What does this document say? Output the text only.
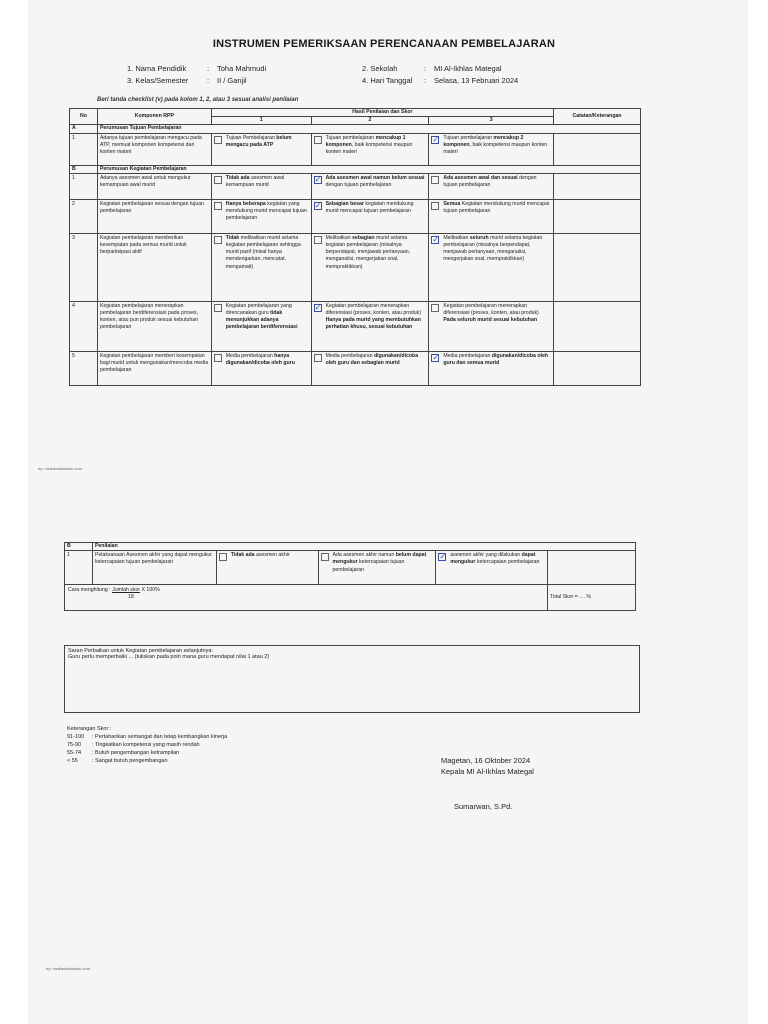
INSTRUMEN PEMERIKSAAN PERENCANAAN PEMBELAJARAN
1. Nama Pendidik	: Toha Mahmudi
3. Kelas/Semester : II / Ganjil
2. Sekolah	: MI Al-Ikhlas Mategal
4. Hari Tanggal : Selasa, 13 Februari 2024
Beri tanda checklist (v) pada kolom 1, 2, atau 3 sesuai analisi penilaian
No	Komponen RPP	Hasil Penilaian dan Skor			Catatan/Keterangan
		1	2	3	
A	Perumusan Tujuan Pembelajaran				
1	Adanya tujuan pembelajaran mengacu pada ATP, memuat komponen kompetensi dan konten materi	Tujuan Pembelajaran belum mengacu pada ATP	Tujuan pembelajaran mencakup 1 komponen, baik kompetensi maupun konten materi	✓ Tujuan pembelajaran mencakup 2 komponen, baik kompetensi maupun konten materi	

B	Perumusan Kegiatan Pembelajaran				
1	Adanya asesmen awal untuk mengukur kemampuan awal murid	Tidak ada asesmen awal kemampuan murid	✓ Ada asesmen awal namun belum sesuai dengan tujuan pembelajaran	Ada asesmen awal dan sesuai dengan tujuan pembelajaran	

2	Kegiatan pembelajaran sesuai dengan tujuan pembelajaran	Hanya beberapa kegiatan yang mendukung murid mencapai tujuan pembelajaran	✓ Sebagian besar kegiatan mendukung murid mencapai tujuan pembelajaran	Semua Kegiatan mendukung murid mencapai tujuan pembelajaran	

3	Kegiatan pembelajaran memberikan kesempatan pada semua murid untuk berpartisipasi aktif	Tidak melibatkan murid selama kegiatan pembelajaran sehingga murid pasif (misal hanya mendengarkan, mencatat, mengamati)	Melibatkan sebagian murid selama kegiatan pembelajaran (misalnya berpendapat, menjawab pertanyaan, menganalisi, mengerjakan soal, mempraktikkan)	✓ Melibatkan seluruh murid selama kegiatan pembelajaran (misalnya berpendapat, menjawab pertanyaan, menganalisi, mengerjakan soal, mempraktikkan)	

4	Kegiatan pembelajaran menerapkan pembelajaran berdiferensiasi pada proses, konten, atau pun produk sesuai kebutuhan pembelajaran	Kegiatan pembelajaran yang direncanakan guru tidak menunjukkan adanya pembelajaran berdiferensiasi	✓ Kegiatan pembelajaran menerapkan diferensiasi (proses, konten, atau produk) Hanya pada murid yang membutuhkan perhatian khusu, sesuai kebutuhan	Kegiatan pembelajaran menerapkan diferensiasi (proses, konten, atau produk) Pada seluruh murid sesuai kebutuhan	

5	Kegiatan pembelajaran memberi kesempatan bagi murid untuk mengunakan/mencoba media pembelajaran	Media pembelajaran hanya digunakan/dicoba oleh guru	Media pembelajaran digunakan/dicoba oleh guru dan sebagian murid	✓ Media pembelajaran digunakan/dicoba oleh guru dan semua murid	

by: mediaedukasiku.com
B	Penilaian				
1	Pelaksanaan Asesmen akhir yang dapat mengukur ketercapaian tujuan pembelajaran	Tidak ada asesmen akhir	Ada asesmen akhir namun belum dapat mengukur ketercapaian tujuan pembelajaran	✓ asesmen akhir yang dilakukan dapat mengukur ketercapaian pembelajaran	

Cara menghitung : Jumlah skor X 100%
18					Total Skor = .... %
Saran Perbaikan untuk Kegiatan pembelajaran selanjutnya:
Guru perlu memperbaiki ... (tuliskan pada poin mana guru mendapat nilai 1 atau 2)
Keterangan Skor :
91-100 : Pertahankan semangat dan tetap kembangkan kinerja
75-90 : Tingkatkan kompetensi yang masih rendah
55-74 : Butuh pengembangan ketrampilan
< 55	: Sangat butuh pengembangan	Magetan, 16 Oktober 2024
Kepala MI Al-Ikhlas Mategal
Sumarwan, S.Pd.
by: mediaedukasiku.com
